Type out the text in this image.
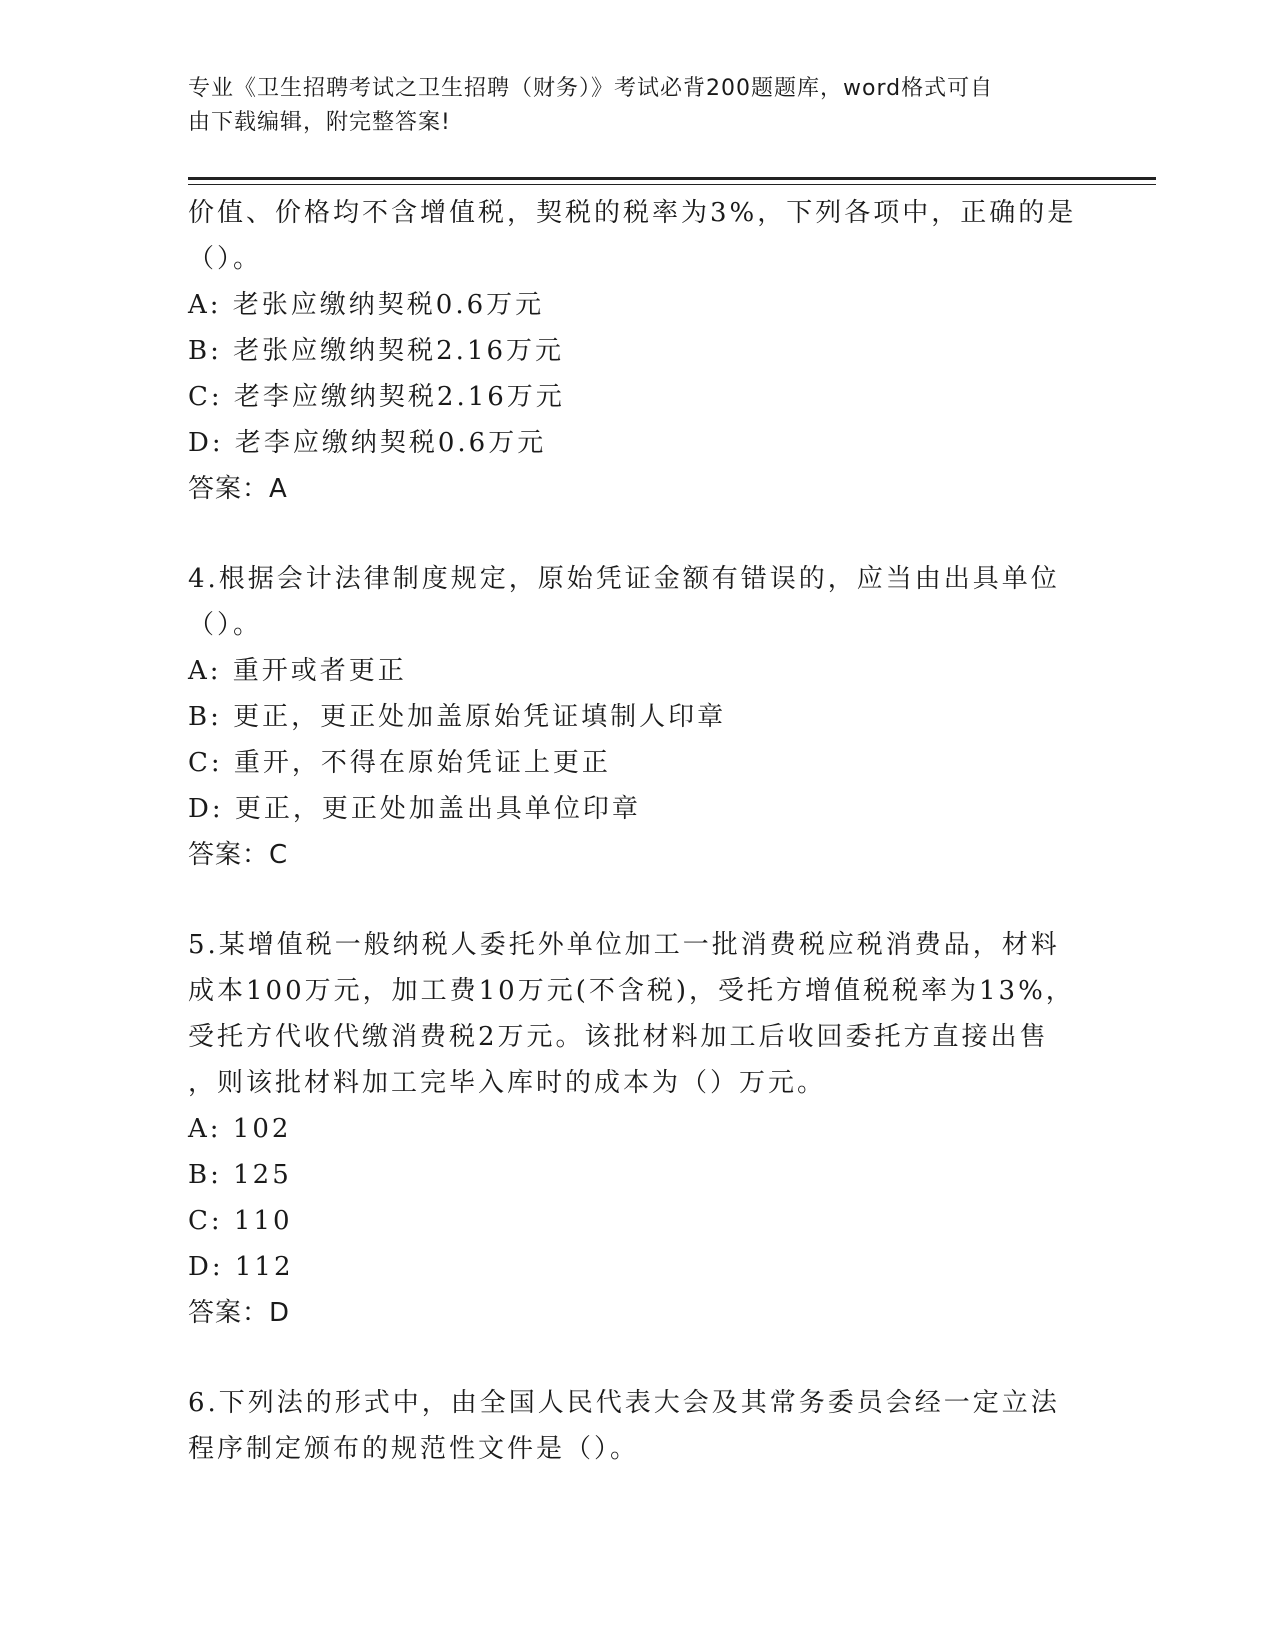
专业《卫生招聘考试之卫生招聘（财务）》考试必背200题题库，word格式可自
由下载编辑，附完整答案!
价值、价格均不含增值税，契税的税率为3%，下列各项中，正确的是
（）。
A: 老张应缴纳契税0.6万元
B: 老张应缴纳契税2.16万元
C: 老李应缴纳契税2.16万元
D: 老李应缴纳契税0.6万元
答案：A
4.根据会计法律制度规定，原始凭证金额有错误的，应当由出具单位
（）。
A: 重开或者更正
B: 更正，更正处加盖原始凭证填制人印章
C: 重开，不得在原始凭证上更正
D: 更正，更正处加盖出具单位印章
答案：C
5.某增值税一般纳税人委托外单位加工一批消费税应税消费品，材料
成本100万元，加工费10万元(不含税)，受托方增值税税率为13%，
受托方代收代缴消费税2万元。该批材料加工后收回委托方直接出售
，则该批材料加工完毕入库时的成本为（）万元。
A: 102
B: 125
C: 110
D: 112
答案：D
6.下列法的形式中，由全国人民代表大会及其常务委员会经一定立法
程序制定颁布的规范性文件是（）。
